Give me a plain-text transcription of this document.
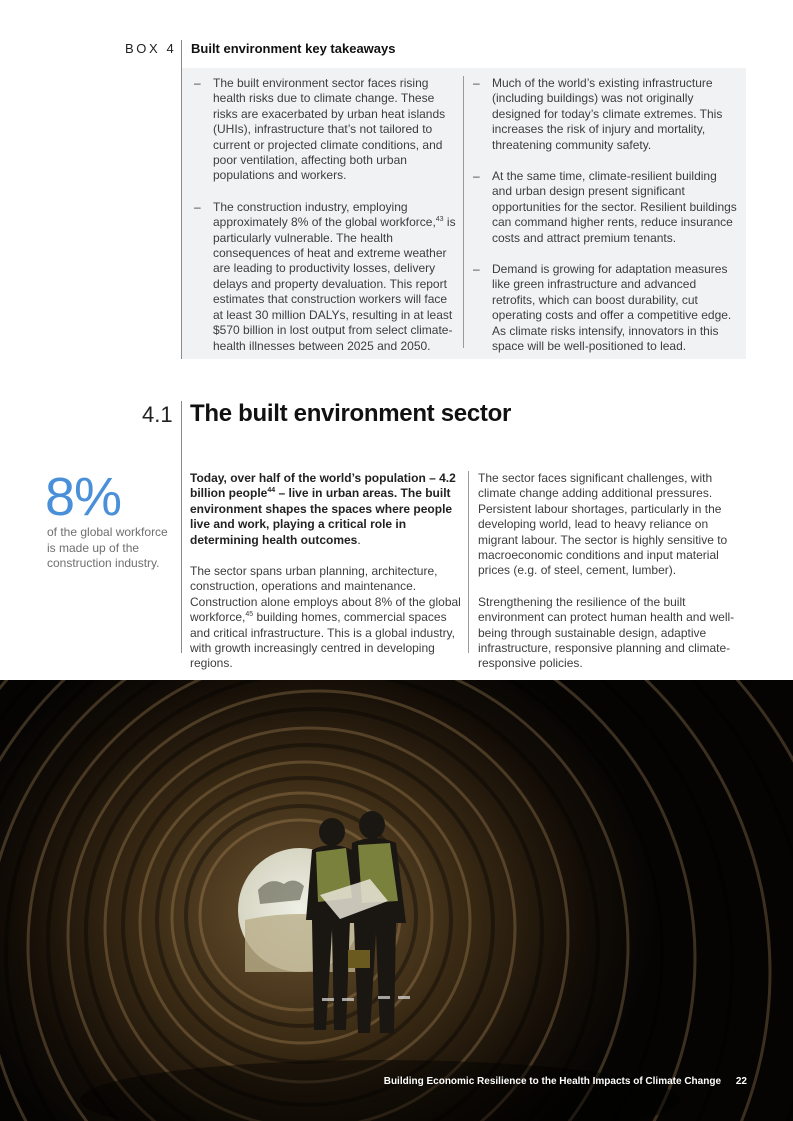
BOX 4 Built environment key takeaways
– The built environment sector faces rising health risks due to climate change. These risks are exacerbated by urban heat islands (UHIs), infrastructure that’s not tailored to current or projected climate conditions, and poor ventilation, affecting both urban populations and workers.
– The construction industry, employing approximately 8% of the global workforce,$^{43}$ is particularly vulnerable. The health consequences of heat and extreme weather are leading to productivity losses, delivery delays and property devaluation. This report estimates that construction workers will face at least 30 million DALYs, resulting in at least $570 billion in lost output from select climate-health illnesses between 2025 and 2050.
– Much of the world’s existing infrastructure (including buildings) was not originally designed for today’s climate extremes. This increases the risk of injury and mortality, threatening community safety.
– At the same time, climate-resilient building and urban design present significant opportunities for the sector. Resilient buildings can command higher rents, reduce insurance costs and attract premium tenants.
– Demand is growing for adaptation measures like green infrastructure and advanced retrofits, which can boost durability, cut operating costs and offer a competitive edge. As climate risks intensify, innovators in this space will be well-positioned to lead.
4.1 The built environment sector
8%
of the global workforce is made up of the construction industry.

Today, over half of the world’s population – 4.2 billion people$^{44}$ – live in urban areas. The built environment shapes the spaces where people live and work, playing a critical role in determining health outcomes.

The sector spans urban planning, architecture, construction, operations and maintenance. Construction alone employs about 8% of the global workforce,$^{45}$ building homes, commercial spaces and critical infrastructure. This is a global industry, with growth increasingly centred in developing regions.

The sector faces significant challenges, with climate change adding additional pressures. Persistent labour shortages, particularly in the developing world, lead to heavy reliance on migrant labour. The sector is highly sensitive to macroeconomic conditions and input material prices (e.g. of steel, cement, lumber).

Strengthening the resilience of the built environment can protect human health and well-being through sustainable design, adaptive infrastructure, responsive planning and climate-responsive policies.

Building Economic Resilience to the Health Impacts of Climate Change 22
